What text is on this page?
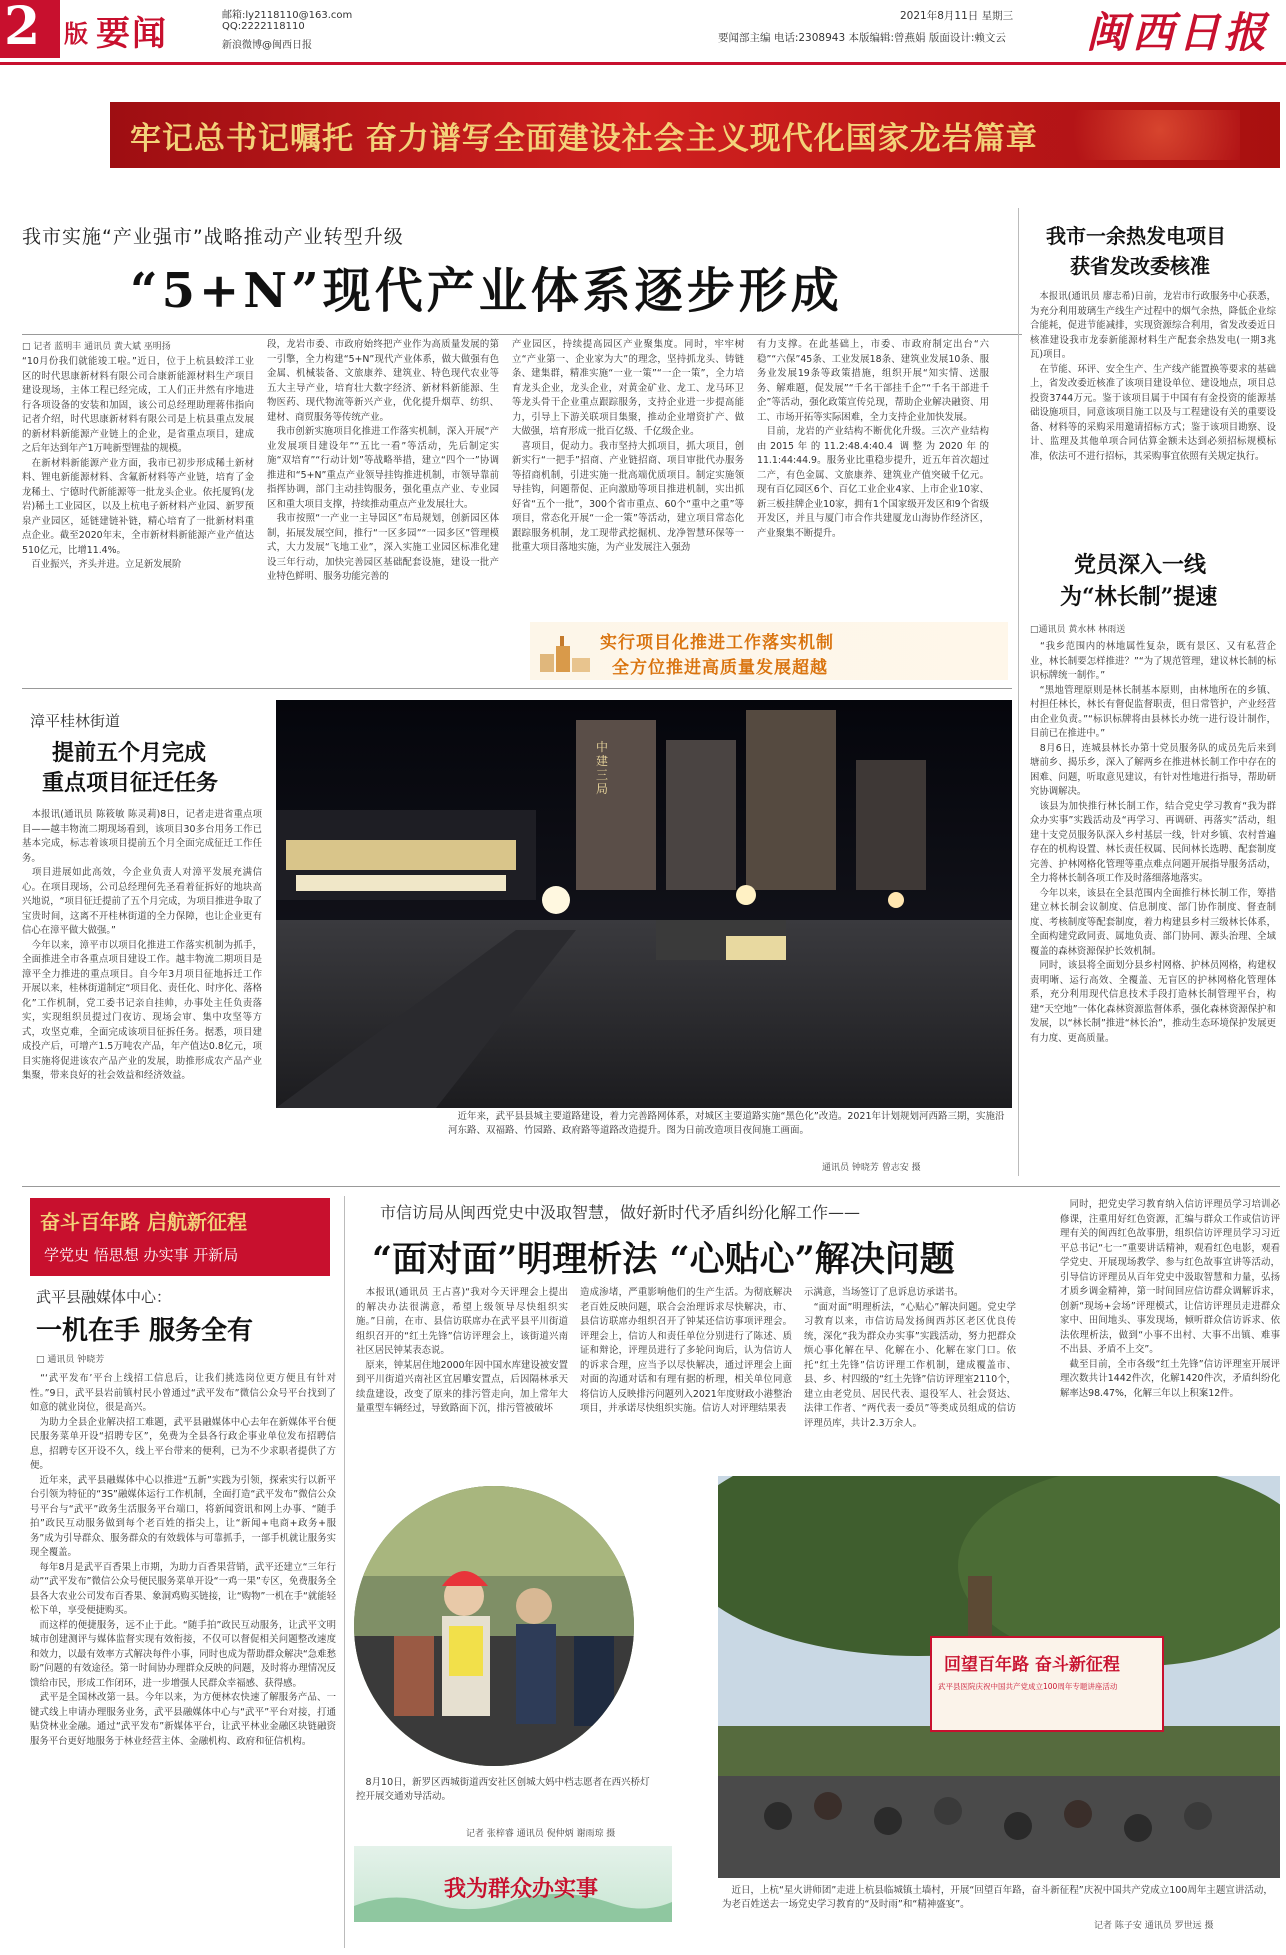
2 版 要闻	邮箱:ly2118110@163.com
QQ:2222118110
新浪微博@闽西日报
2021年8月11日 星期三
要闻部主编 电话:2308943 本版编辑:曾燕娟 版面设计:赖文云 闽西日报
牢记总书记嘱托 奋力谱写全面建设社会主义现代化国家龙岩篇章
我市实施“产业强市”战略推动产业转型升级
“5+N”现代产业体系逐步形成
□ 记者 蓝明丰 通讯员 黄大斌 巫明扬
“10月份我们就能竣工啦。”近日，位于上杭县蛟洋工业区的时代思康新材料有限公司合康新能源材料生产项目建设现场，主体工程已经完成，工人们正井然有序地进行各项设备的安装和加固，该公司总经理助理蒋伟指向记者介绍，时代思康新材料有限公司是上杭县重点发展的新材料新能源产业链上的企业，是省重点项目，建成之后年达到年产1万吨新型锂盐的规模。
　在新材料新能源产业方面，我市已初步形成稀土新材料、锂电新能源材料、含氟新材料等产业链，培育了金龙稀土、宁德时代新能源等一批龙头企业。依托厦钨(龙岩)稀土工业园区，以及上杭电子新材料产业园、新罗预泉产业园区，延链建链补链，精心培育了一批新材料重点企业。截至2020年末，全市新材料新能源产业产值达510亿元，比增11.4%。
　百业振兴，齐头并进。立足新发展阶
段，龙岩市委、市政府始终把产业作为高质量发展的第一引擎，全力构建“5+N”现代产业体系，做大做强有色金属、机械装备、文旅康养、建筑业、特色现代农业等五大主导产业，培育壮大数字经济、新材料新能源、生物医药、现代物流等新兴产业，优化提升烟草、纺织、建材、商贸服务等传统产业。
　我市创新实施项目化推进工作落实机制，深入开展“产业发展项目建设年”“五比一看”等活动，先后制定实施“双培育”“行动计划”等战略举措，建立“四个一”协调推进和“5+N”重点产业领导挂钩推进机制，市领导靠前指挥协调，部门主动挂钩服务，强化重点产业、专业园区和重大项目支撑，持续推动重点产业发展壮大。
　我市按照“一产业一主导园区”布局规划，创新园区体制，拓展发展空间，推行“一区多园”“一园多区”管理模式，大力发展“飞地工业”，深入实施工业园区标准化建设三年行动，加快完善园区基础配套设施，建设一批产业特色鲜明、服务功能完善的
产业园区，持续提高园区产业聚集度。同时，牢牢树立“产业第一、企业家为大”的理念，坚持抓龙头、铸链条、建集群，精准实施“一业一策”“一企一策”，全力培育龙头企业，龙头企业，对黄金矿业、龙工、龙马环卫等龙头骨干企业重点跟踪服务，支持企业进一步提高能力，引导上下游关联项目集聚，推动企业增资扩产、做大做强，培育形成一批百亿级、千亿级企业。
　喜项目，促动力。我市坚持大抓项目，抓大项目，创新实行“一把手”招商、产业链招商、项目审批代办服务等招商机制，引进实施一批高端优质项目。制定实施领导挂钩，问题帮促、正向激励等项目推进机制，实出抓好省“五个一批”，300个省市重点、60个“重中之重”等项目，常态化开展“一企一策”等活动，建立项目常态化跟踪服务机制，龙工现带武挖掘机、龙净智慧环保等一批重大项目落地实施，为产业发展注入强劲
有力支撑。在此基础上，市委、市政府制定出台“六稳”“六保”45条、工业发展18条、建筑业发展10条、服务业发展19条等政策措施，组织开展“知实情、送服务、解难题，促发展”“千名干部挂千企”“千名干部进千企”等活动，强化政策宣传兑现，帮助企业解决融资、用工、市场开拓等实际困难，全力支持企业加快发展。
　目前，龙岩的产业结构不断优化升级。三次产业结构由2015年的11.2:48.4:40.4 调整为2020年的11.1:44:44.9。服务业比重稳步提升，近五年首次超过二产，有色金属、文旅康养、建筑业产值突破千亿元。现有百亿园区6个、百亿工业企业4家、上市企业10家、新三板挂牌企业10家，拥有1个国家级开发区和9个省级开发区，并且与厦门市合作共建厦龙山海协作经济区，产业聚集不断提升。
实行项目化推进工作落实机制
全方位推进高质量发展超越
我市一余热发电项目
获省发改委核准
　本报讯(通讯员 廖志希)日前，龙岩市行政服务中心获悉，为充分利用玻璃生产线生产过程中的烟气余热，降低企业综合能耗，促进节能减排，实现资源综合利用，省发改委近日核准建设我市龙泰新能源材料生产配套余热发电(一期3兆瓦)项目。
　在节能、环评、安全生产、生产线产能置换等要求的基础上，省发改委近核准了该项目建设单位、建设地点，项目总投资3744万元。鉴于该项目属于中国有有金投资的能源基础设施项目，同意该项目施工以及与工程建设有关的重要设备、材料等的采购采用邀请招标方式；鉴于该项目勘察、设计、监理及其他单项合同估算金额未达到必须招标规模标准，依法可不进行招标，其采购事宜依照有关规定执行。
党员深入一线
为“林长制”提速
□通讯员 黄水林 林雨送
　“我乡范围内的林地属性复杂，既有景区、又有私营企业，林长制要怎样推进？”“为了规范管理，建议林长制的标识标牌统一制作。”
　“黑地管理原则是林长制基本原则，由林地所在的乡镇、村担任林长，林长有督促监督职责，但日常管护，产业经营由企业负责。”“标识标牌将由县林长办统一进行设计制作，目前已在推进中。”
　8月6日，连城县林长办第十党员服务队的成员先后来到塘前乡、揭乐乡，深入了解两乡在推进林长制工作中存在的困难、问题，听取意见建议，有针对性地进行指导，帮助研究协调解决。
　该县为加快推行林长制工作，结合党史学习教育“我为群众办实事”实践活动及“再学习、再调研、再落实”活动，组建十支党员服务队深入乡村基层一线，针对乡镇、农村普遍存在的机构设置、林长责任权属、民间林长选聘、配套制度完善、护林网格化管理等重点难点问题开展指导服务活动，全力将林长制各项工作及时落细落地落实。
　今年以来，该县在全县范围内全面推行林长制工作，筹措建立林长制会议制度、信息制度、部门协作制度、督查制度、考核制度等配套制度，着力构建县乡村三级林长体系，全面构建党政同责、属地负责、部门协同、源头治理、全域覆盖的森林资源保护长效机制。
　同时，该县将全面划分县乡村网格、护林员网格，构建权责明晰、运行高效、全覆盖、无盲区的护林网格化管理体系，充分利用现代信息技术手段打造林长制管理平台，构建“天空地”一体化森林资源监督体系，强化森林资源保护和发展，以“林长制”推进“林长治”，推动生态环境保护发展更有力度、更高质量。
漳平桂林街道
提前五个月完成
重点项目征迁任务
　本报讯(通讯员 陈筱敏 陈灵莉)8日，记者走进省重点项目——越丰物流二期现场看到，该项目30多台用务工作已基本完成，标志着该项目提前五个月全面完成征迁工作任务。
　项目进展如此高效，今企业负责人对漳平发展充满信心。在项目现场，公司总经理何先圣看着征拆好的地块高兴地说，“项目征迁提前了五个月完成，为项目推进争取了宝贵时间，这离不开桂林街道的全力保障，也让企业更有信心在漳平做大做强。”
　今年以来，漳平市以项目化推进工作落实机制为抓手，全面推进全市各重点项目建设工作。越丰物流二期项目是漳平全力推进的重点项目。自今年3月项目征地拆迁工作开展以来，桂林街道制定“项目化、责任化、时序化、落格化”工作机制，党工委书记亲自挂帅，办事处主任负责落实，实现组织员提过门夜访、现场会审、集中攻坚等方式，攻坚克难，全面完成该项目征拆任务。据悉，项目建成投产后，可增产1.5万吨农产品，年产值达0.8亿元，项目实施将促进该农产品产业的发展，助推形成农产品产业集聚，带来良好的社会效益和经济效益。
中建三局
　近年来，武平县县城主要道路建设，着力完善路网体系，对城区主要道路实施“黑色化”改造。2021年计划规划河西路三期，实施沿河东路、双福路、竹园路、政府路等道路改造提升。图为日前改造项目夜间施工画面。
通讯员 钟晓芳 曾志安 摄
奋斗百年路 启航新征程
学党史 悟思想 办实事 开新局
武平县融媒体中心：
一机在手 服务全有
□ 通讯员 钟晓芳
　“‘武平发布’平台上线招工信息后，让我们挑选岗位更方便且有针对性。”9日，武平县岩前镇村民小曾通过“武平发布”微信公众号平台找到了如意的就业岗位，很是高兴。
　为助力全县企业解决招工难题，武平县融媒体中心去年在新媒体平台便民服务菜单开设“招聘专区”，免费为全县各行政企事业单位发布招聘信息，招聘专区开设不久，线上平台带来的便利，已为不少求职者提供了方便。
　近年来，武平县融媒体中心以推进“五新”实践为引领，探索实行以新平台引领为特征的“3S”融媒体运行工作机制，全面打造“武平发布”微信公众号平台与“武平”政务生活服务平台端口，将新闻资讯和网上办事、“随手拍”政民互动服务做到每个老百姓的指尖上，让“新闻+电商+政务+服务”成为引导群众、服务群众的有效载体与可靠抓手，一部手机就让服务实现全覆盖。
　每年8月是武平百香果上市期，为助力百香果营销，武平还建立“三年行动”“武平发布”微信公众号便民服务菜单开设“一鸡一果”专区，免费服务全县各大农业公司发布百香果、象洞鸡购买链接，让“购物”一机在手“就能轻松下单，享受便捷购买。
　而这样的便捷服务，远不止于此。“随手拍”政民互动服务，让武平文明城市创建测评与媒体监督实现有效衔接，不仅可以督促相关问题整改速度和效力，以最有效率方式解决每件小事，同时也成为帮助群众解决“急难愁盼”问题的有效途径。第一时间协办理群众反映的问题，及时将办理情况反馈给市民，形成工作闭环，进一步增强人民群众幸福感、获得感。
　武平是全国林改第一县。今年以来，为方便林农快速了解服务产品、一键式线上申请办理服务业务，武平县融媒体中心与“武平”平台对接，打通贴贷林业金融。通过“武平发布”新媒体平台，让武平林业金融区块链融资服务平台更好地服务于林业经营主体、金融机构、政府和征信机构。
市信访局从闽西党史中汲取智慧，做好新时代矛盾纠纷化解工作——
“面对面”明理析法 “心贴心”解决问题
　本报讯(通讯员 王占喜)“我对今天评理会上提出的解决办法很满意，希望上级领导尽快组织实施。”日前，在市、县信访联席办在武平县平川街道组织召开的“红土先锋”信访评理会上，该街道兴南社区居民钟某表态说。
　原来，钟某居住地2000年因中国水库建设被安置到平川街道兴南社区宜居雕安置点，后因隔林承天续盘建设，改变了原来的排污管走向，加上常年大量重型车辆经过，导致路面下沉，排污管被破坏
造成渗堵，严重影响他们的生产生活。为彻底解决老百姓反映问题，联合会治理诉求尽快解决，市、县信访联席办组织召开了钟某还信访事项评理会。评理会上，信访人和责任单位分别进行了陈述、质证和辩论，评理员进行了多轮问询后，认为信访人的诉求合理，应当予以尽快解决，通过评理会上面对面的沟通对话和有理有据的析理，相关单位同意将信访人反映排污问题列入2021年度财政小港整治项目，并承诺尽快组织实施。信访人对评理结果表
示满意，当场签订了息诉息访承诺书。
　“面对面”明理析法，“心贴心”解决问题。党史学习教育以来，市信访局发扬闽西苏区老区优良传统，深化“我为群众办实事”实践活动，努力把群众烦心事化解在早、化解在小、化解在家门口。依托“红土先锋”信访评理工作机制，建成覆盖市、县、乡、村四级的“红土先锋”信访评理室2110个，建立由老党员、居民代表、退役军人、社会贤达、法律工作者、“两代表一委员”等类成员组成的信访评理员库，共计2.3万余人。
　同时，把党史学习教育纳入信访评理员学习培训必修课，注重用好红色资源，汇编与群众工作或信访评理有关的闽西红色故事册，组织信访评理员学习习近平总书记“七一”重要讲话精神，观看红色电影，观看学党史、开展现场教学、参与红色故事宣讲等活动，引导信访评理员从百年党史中汲取智慧和力量，弘扬才质乡调金精神，第一时间回应信访群众调解诉求，创新“现场+会场”评理模式，让信访评理员走进群众家中、田间地头、事发现场，倾听群众信访诉求、依法依理析法，做到“小事不出村、大事不出镇、难事不出县、矛盾不上交”。
　截至目前，全市各级“红土先锋”信访评理室开展评理次数共计1442件次，化解1420件次，矛盾纠纷化解率达98.47%，化解三年以上积案12件。
　8月10日，新罗区西城街道西安社区创城大妈中档志愿者在西兴桥灯控开展交通劝导活动。
记者 张梓睿 通讯员 倪仲炳 谢雨琼 摄
我为群众办实事
回望百年路 奋斗新征程
武平县医院庆祝中国共产党成立100周年专题讲座活动
　近日，上杭“星火讲师团”走进上杭县临城镇土墙村，开展“回望百年路，奋斗新征程”庆祝中国共产党成立100周年主题宣讲活动，为老百姓送去一场党史学习教育的“及时雨”和“精神盛宴”。
记者 陈子安 通讯员 罗世远 摄
